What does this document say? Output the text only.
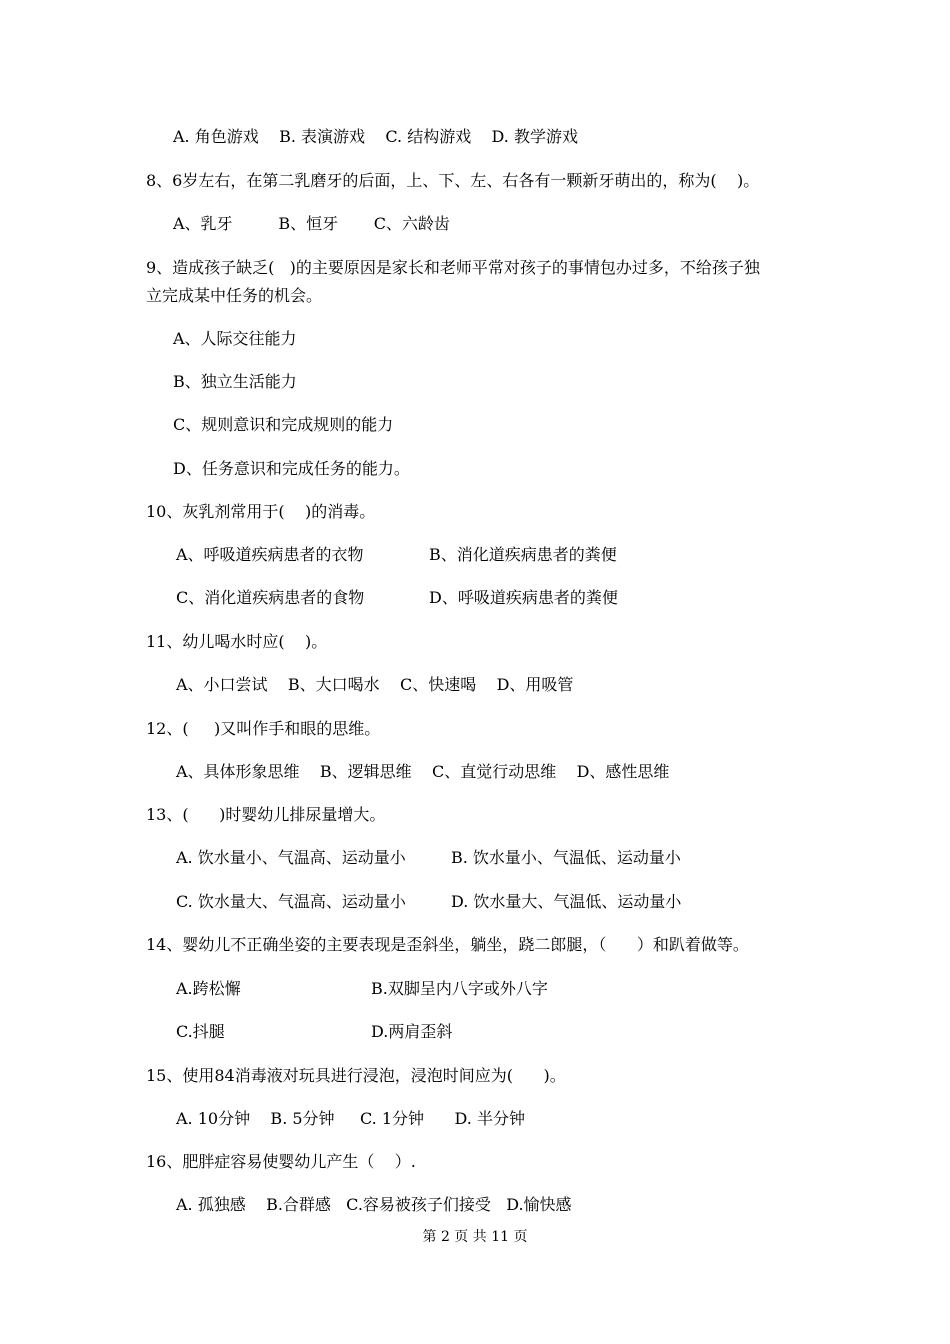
A. 角色游戏    B. 表演游戏    C. 结构游戏    D. 教学游戏
8、6岁左右，在第二乳磨牙的后面，上、下、左、右各有一颗新牙萌出的，称为(    )。
A、乳牙         B、恒牙       C、六龄齿
9、造成孩子缺乏(   )的主要原因是家长和老师平常对孩子的事情包办过多，不给孩子独
立完成某中任务的机会。
A、人际交往能力
B、独立生活能力
C、规则意识和完成规则的能力
D、任务意识和完成任务的能力。
10、灰乳剂常用于(    )的消毒。
A、呼吸道疾病患者的衣物	B、消化道疾病患者的粪便
C、消化道疾病患者的食物	D、呼吸道疾病患者的粪便
11、幼儿喝水时应(    )。
A、小口尝试    B、大口喝水    C、快速喝    D、用吸管
12、(     )又叫作手和眼的思维。
A、具体形象思维    B、逻辑思维    C、直觉行动思维    D、感性思维
13、(      )时婴幼儿排尿量增大。
A. 饮水量小、气温高、运动量小	B. 饮水量小、气温低、运动量小
C. 饮水量大、气温高、运动量小	D. 饮水量大、气温低、运动量小
14、婴幼儿不正确坐姿的主要表现是歪斜坐，躺坐，跷二郎腿，（      ）和趴着做等。
A.跨松懈	B.双脚呈内八字或外八字
C.抖腿	D.两肩歪斜
15、使用84消毒液对玩具进行浸泡，浸泡时间应为(      )。
A. 10分钟    B. 5分钟     C. 1分钟      D. 半分钟
16、肥胖症容易使婴幼儿产生（    ）.
A. 孤独感    B.合群感   C.容易被孩子们接受   D.愉快感
第 2 页 共 11 页
